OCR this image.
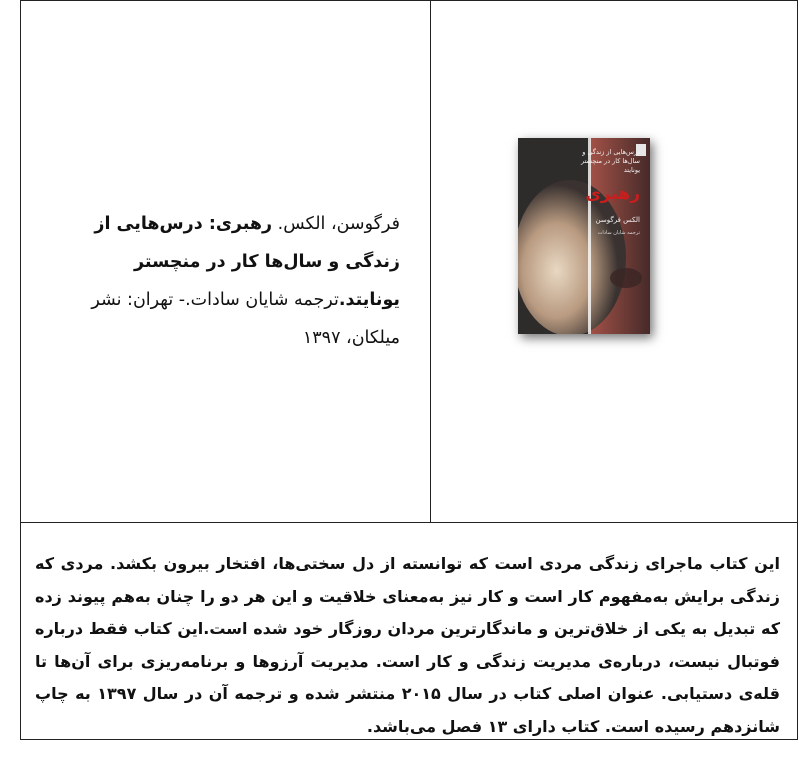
فرگوسن، الکس. رهبری: درس‌هایی از زندگی و سال‌ها کار در منچستر یونایتد.ترجمه شایان سادات.- تهران: نشر میلکان، ۱۳۹۷
رهبری
درس‌هایی از زندگی و سال‌ها کار در منچستر یونایتد
الکس فرگوسن
ترجمه شایان سادات
این کتاب ماجرای زندگی مردی است که توانسته از دل سختی‌ها، افتخار بیرون بکشد. مردی که زندگی برایش به‌مفهوم کار است و کار نیز به‌معنای خلاقیت و این هر دو را چنان به‌هم پیوند زده که تبدیل به یکی از خلاق‌ترین و ماندگارترین مردان روزگار خود شده است.این کتاب فقط درباره فوتبال نیست، درباره‌ی مدیریت زندگی و کار است. مدیریت آرزوها و برنامه‌ریزی برای آن‌ها تا قله‌ی دستیابی. عنوان اصلی کتاب در سال ۲۰۱۵ منتشر شده و ترجمه آن در سال ۱۳۹۷ به چاپ شانزدهم رسیده است. کتاب دارای ۱۳ فصل می‌باشد.
